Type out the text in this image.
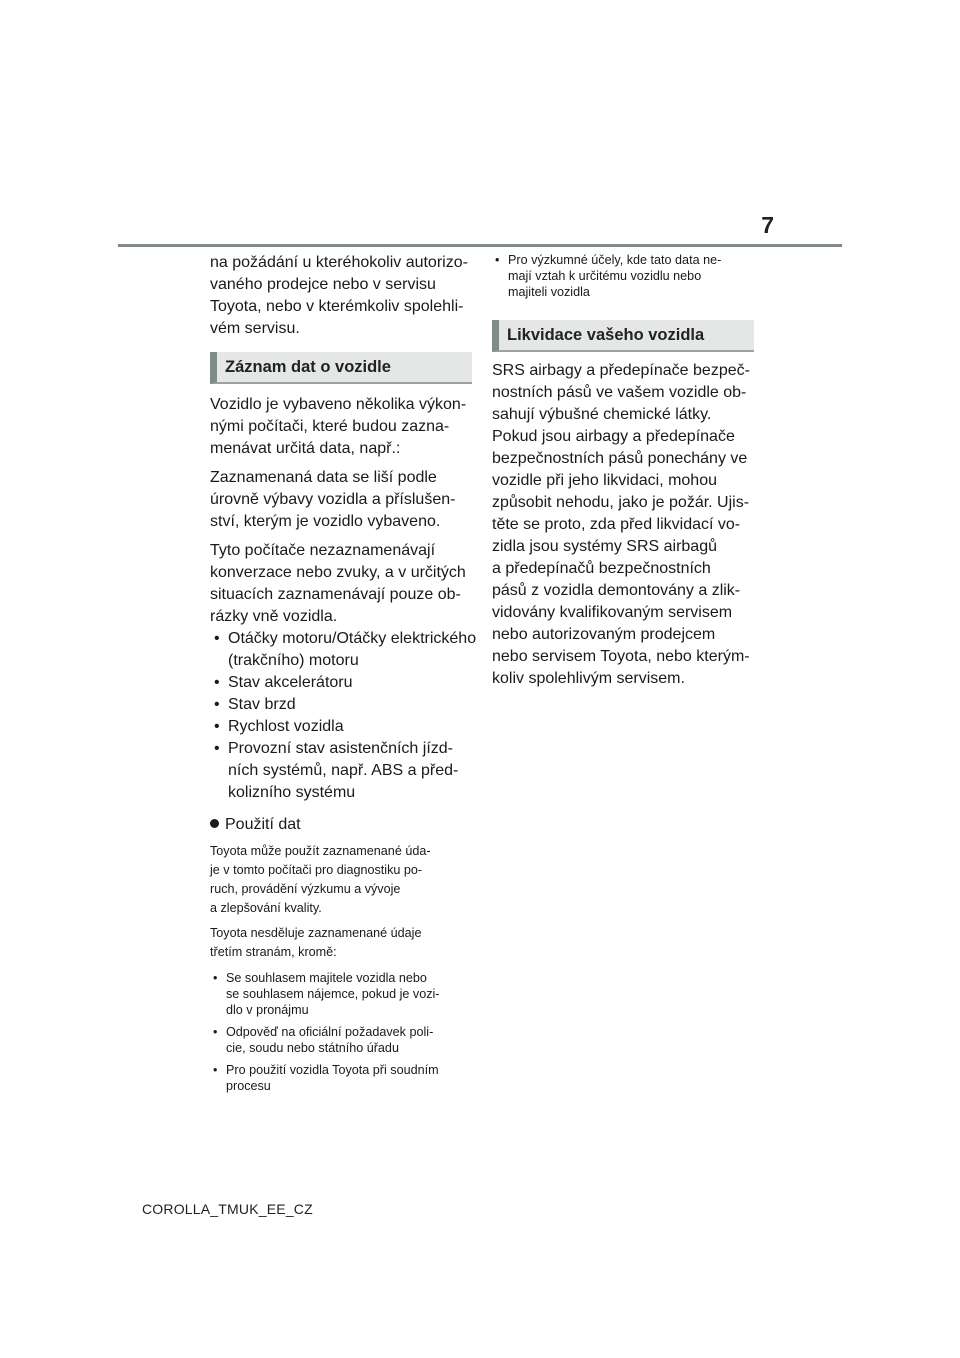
7
na požádání u kteréhokoliv autorizo-
vaného prodejce nebo v servisu
Toyota, nebo v kterémkoliv spolehli-
vém servisu.
Záznam dat o vozidle
Vozidlo je vybaveno několika výkon-
nými počítači, které budou zazna-
menávat určitá data, např.:
Zaznamenaná data se liší podle
úrovně výbavy vozidla a příslušen-
ství, kterým je vozidlo vybaveno.
Tyto počítače nezaznamenávají
konverzace nebo zvuky, a v určitých
situacích zaznamenávají pouze ob-
rázky vně vozidla.
• Otáčky motoru/Otáčky elektrického
(trakčního) motoru
• Stav akcelerátoru
• Stav brzd
• Rychlost vozidla
• Provozní stav asistenčních jízd-
ních systémů, např. ABS a před-
kolizního systému
Použití dat
Toyota může použít zaznamenané úda-
je v tomto počítači pro diagnostiku po-
ruch, provádění výzkumu a vývoje
a zlepšování kvality.
Toyota nesděluje zaznamenané údaje
třetím stranám, kromě:
• Se souhlasem majitele vozidla nebo
se souhlasem nájemce, pokud je vozi-
dlo v pronájmu
• Odpověď na oficiální požadavek poli-
cie, soudu nebo státního úřadu
• Pro použití vozidla Toyota při soudním
procesu
• Pro výzkumné účely, kde tato data ne-
mají vztah k určitému vozidlu nebo
majiteli vozidla
Likvidace vašeho vozidla
SRS airbagy a předepínače bezpeč-
nostních pásů ve vašem vozidle ob-
sahují výbušné chemické látky.
Pokud jsou airbagy a předepínače
bezpečnostních pásů ponechány ve
vozidle při jeho likvidaci, mohou
způsobit nehodu, jako je požár. Ujis-
těte se proto, zda před likvidací vo-
zidla jsou systémy SRS airbagů
a předepínačů bezpečnostních
pásů z vozidla demontovány a zlik-
vidovány kvalifikovaným servisem
nebo autorizovaným prodejcem
nebo servisem Toyota, nebo kterým-
koliv spolehlivým servisem.
COROLLA_TMUK_EE_CZ
